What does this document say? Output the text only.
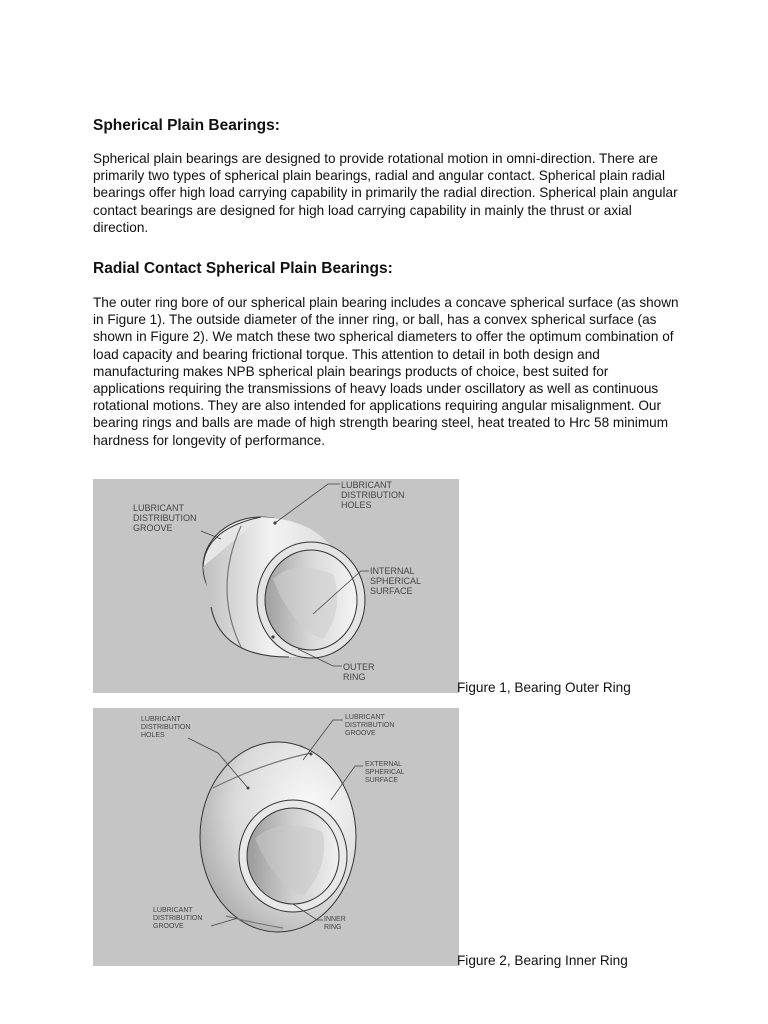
Spherical Plain Bearings:

Spherical plain bearings are designed to provide rotational motion in omni-direction. There are primarily two types of spherical plain bearings, radial and angular contact. Spherical plain radial bearings offer high load carrying capability in primarily the radial direction. Spherical plain angular contact bearings are designed for high load carrying capability in mainly the thrust or axial direction.

Radial Contact Spherical Plain Bearings:

The outer ring bore of our spherical plain bearing includes a concave spherical surface (as shown in Figure 1). The outside diameter of the inner ring, or ball, has a convex spherical surface (as shown in Figure 2). We match these two spherical diameters to offer the optimum combination of load capacity and bearing frictional torque. This attention to detail in both design and manufacturing makes NPB spherical plain bearings products of choice, best suited for applications requiring the transmissions of heavy loads under oscillatory as well as continuous rotational motions. They are also intended for applications requiring angular misalignment. Our bearing rings and balls are made of high strength bearing steel, heat treated to Hrc 58 minimum hardness for longevity of performance.

LUBRICANT DISTRIBUTION HOLES
LUBRICANT DISTRIBUTION GROOVE
INTERNAL SPHERICAL SURFACE
OUTER RING
Figure 1, Bearing Outer Ring
LUBRICANT DISTRIBUTION HOLES
LUBRICANT DISTRIBUTION GROOVE
EXTERNAL SPHERICAL SURFACE
LUBRICANT DISTRIBUTION GROOVE
INNER RING
Figure 2, Bearing Inner Ring
